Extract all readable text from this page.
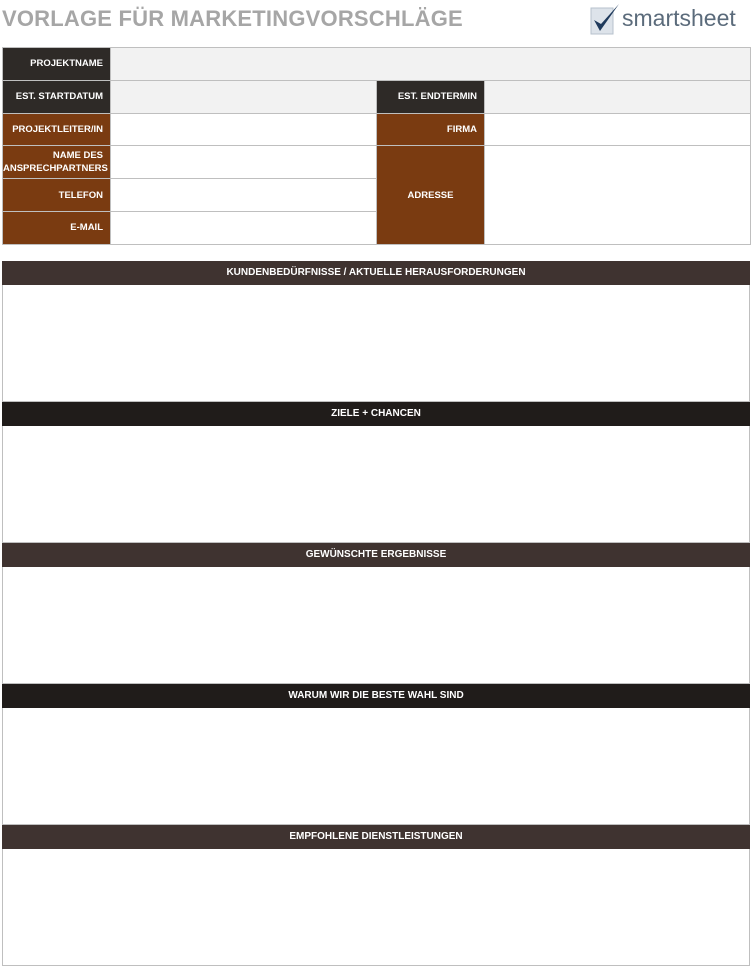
VORLAGE FÜR MARKETINGVORSCHLÄGE	smartsheet
PROJEKTNAME			
EST. STARTDATUM		EST. ENDTERMIN	
PROJEKTLEITER/IN		FIRMA	

NAME DES
ANSPRECHPARTNERS		ADRESSE	
TELEFON			
E-MAIL			
KUNDENBEDÜRFNISSE / AKTUELLE HERAUSFORDERUNGEN
ZIELE + CHANCEN
GEWÜNSCHTE ERGEBNISSE
WARUM WIR DIE BESTE WAHL SIND
EMPFOHLENE DIENSTLEISTUNGEN
